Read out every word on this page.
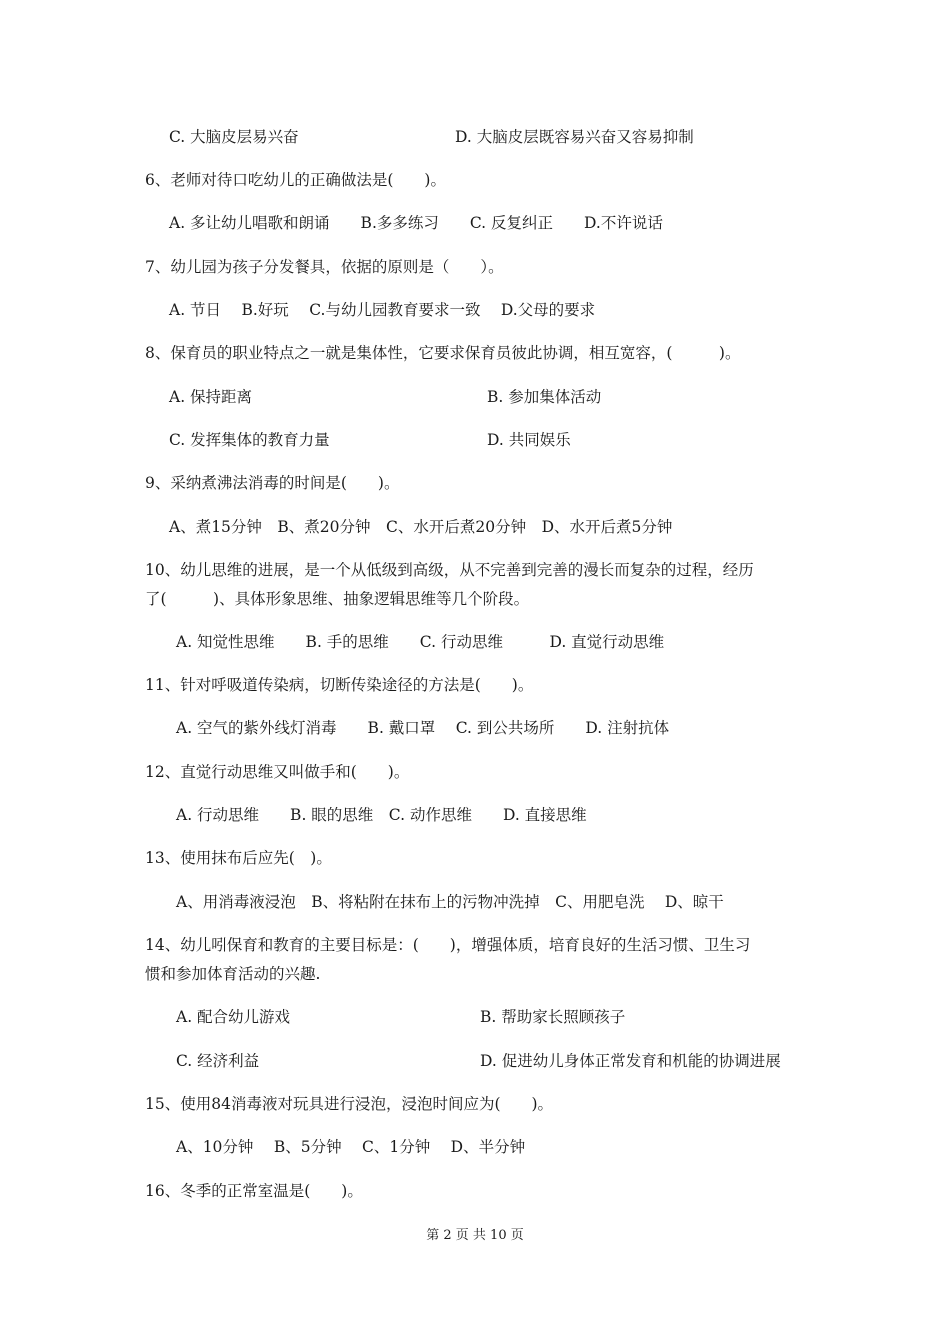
C. 大脑皮层易兴奋	D. 大脑皮层既容易兴奋又容易抑制
6、老师对待口吃幼儿的正确做法是(　　)。
A. 多让幼儿唱歌和朗诵　　B.多多练习　　C. 反复纠正　　D.不许说话
7、幼儿园为孩子分发餐具，依据的原则是（　　）。
A. 节日　 B.好玩　 C.与幼儿园教育要求一致　 D.父母的要求
8、保育员的职业特点之一就是集体性，它要求保育员彼此协调，相互宽容，(　　　)。
A. 保持距离	B. 参加集体活动
C. 发挥集体的教育力量	D. 共同娱乐
9、采纳煮沸法消毒的时间是(　　)。
A、煮15分钟　B、煮20分钟　C、水开后煮20分钟　D、水开后煮5分钟
10、幼儿思维的进展，是一个从低级到高级，从不完善到完善的漫长而复杂的过程，经历
了(　　　)、具体形象思维、抽象逻辑思维等几个阶段。
A. 知觉性思维　　B. 手的思维　　C. 行动思维　　　D. 直觉行动思维
11、针对呼吸道传染病，切断传染途径的方法是(　　)。
A. 空气的紫外线灯消毒　　B. 戴口罩　 C. 到公共场所　　D. 注射抗体
12、直觉行动思维又叫做手和(　　)。
A. 行动思维　　B. 眼的思维　C. 动作思维　　D. 直接思维
13、使用抹布后应先(　)。
A、用消毒液浸泡　B、将粘附在抹布上的污物冲洗掉　C、用肥皂洗　 D、晾干
14、幼儿吲保育和教育的主要目标是：(　　)，增强体质，培育良好的生活习惯、卫生习
惯和参加体育活动的兴趣.
A. 配合幼儿游戏	B. 帮助家长照顾孩子
C. 经济利益	D. 促进幼儿身体正常发育和机能的协调进展
15、使用84消毒液对玩具进行浸泡，浸泡时间应为(　　)。
A、10分钟　 B、5分钟　 C、1分钟　 D、半分钟
16、冬季的正常室温是(　　)。
第 2 页 共 10 页
